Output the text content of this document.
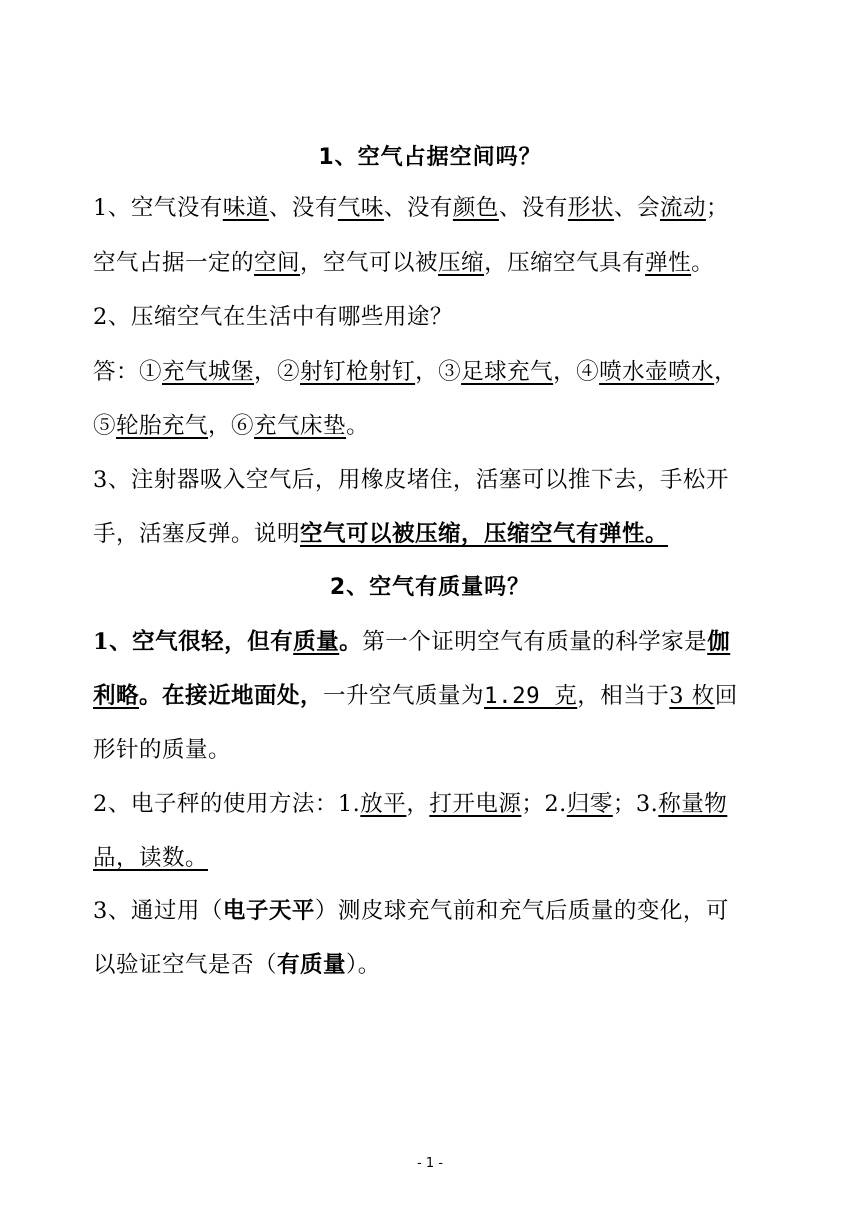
1、空气占据空间吗？
1、空气没有味道、没有气味、没有颜色、没有形状、会流动；
空气占据一定的空间，空气可以被压缩，压缩空气具有弹性。
2、压缩空气在生活中有哪些用途？
答：①充气城堡，②射钉枪射钉，③足球充气，④喷水壶喷水，
⑤轮胎充气，⑥充气床垫。
3、注射器吸入空气后，用橡皮堵住，活塞可以推下去，手松开
手，活塞反弹。说明空气可以被压缩，压缩空气有弹性。
2、空气有质量吗？
1、空气很轻，但有质量。第一个证明空气有质量的科学家是伽
利略。在接近地面处，一升空气质量为1.29 克，相当于3 枚回
形针的质量。
2、电子秤的使用方法：1.放平，打开电源；2.归零；3.称量物
品，读数。
3、通过用（电子天平）测皮球充气前和充气后质量的变化，可
以验证空气是否（有质量）。
- 1 -
